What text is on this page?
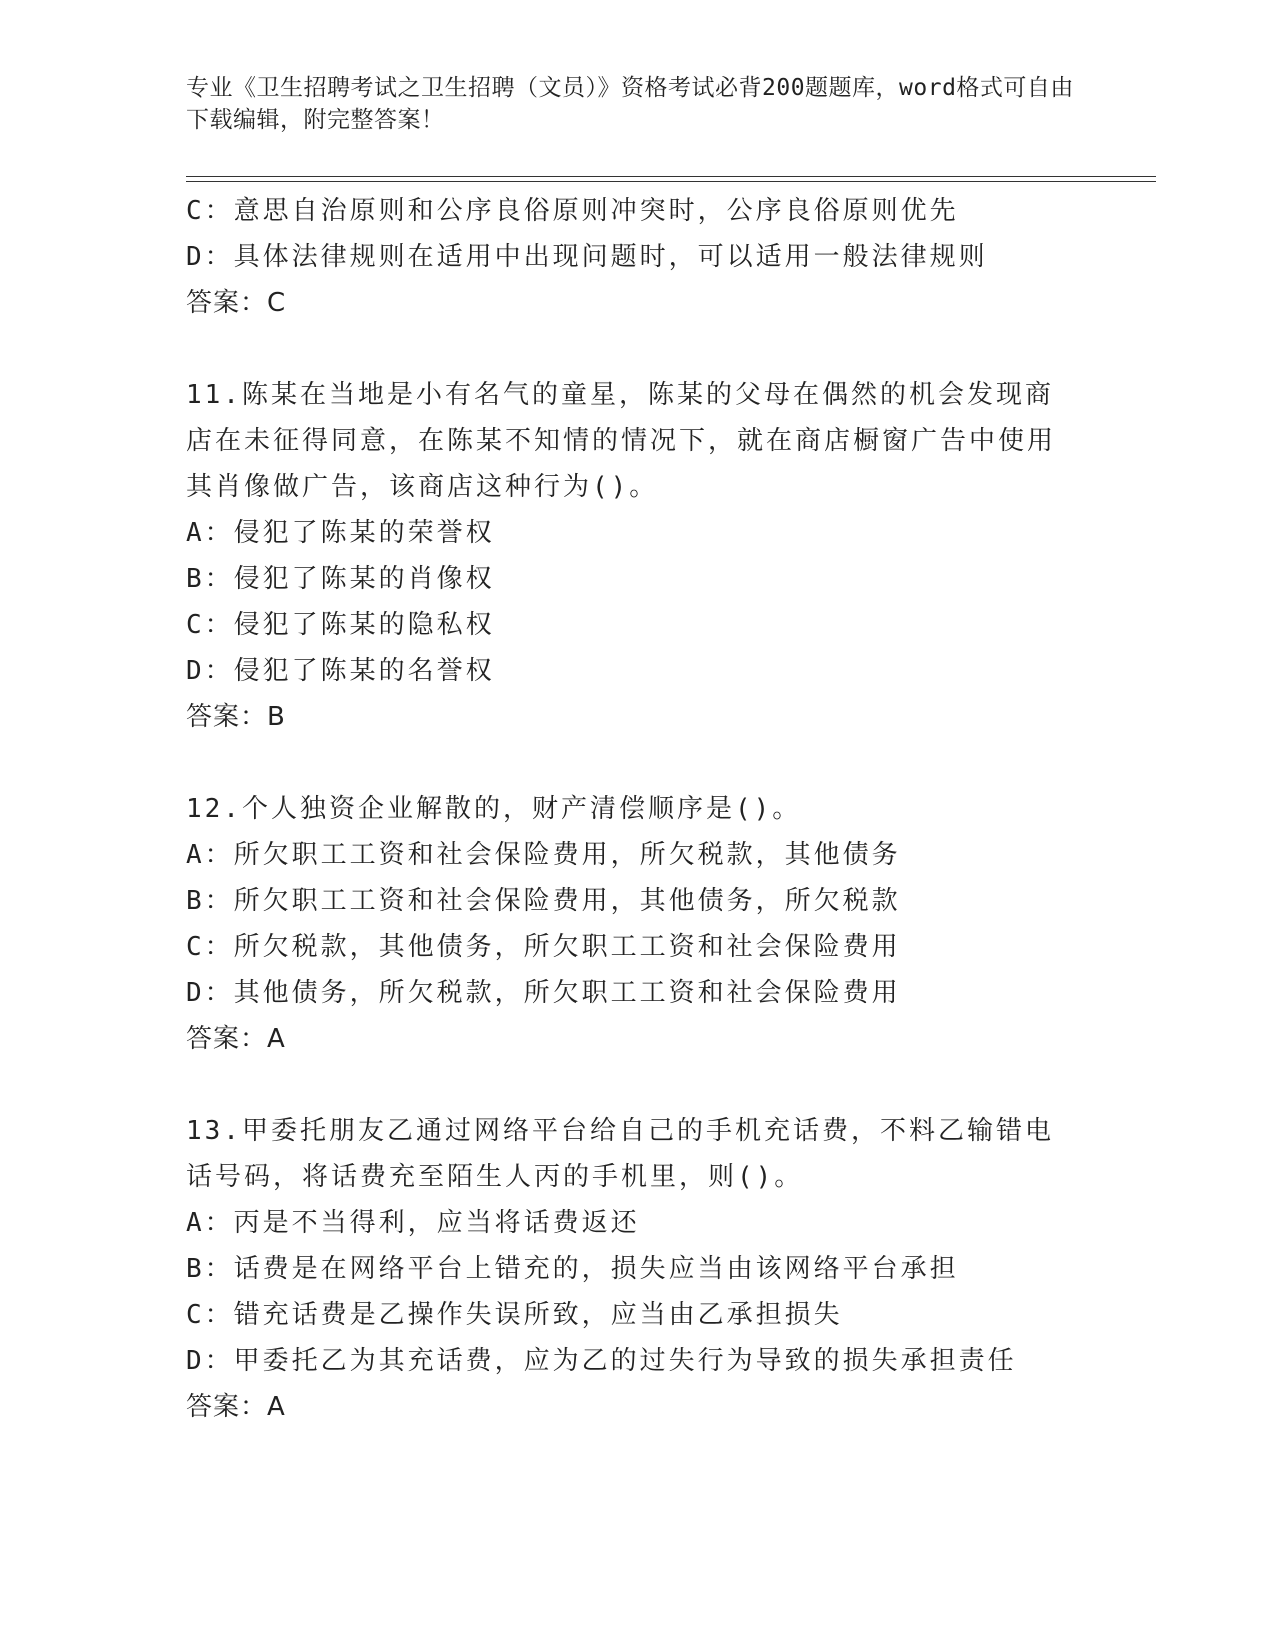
专业《卫生招聘考试之卫生招聘（文员）》资格考试必背200题题库，word格式可自由下载编辑，附完整答案！
C：意思自治原则和公序良俗原则冲突时，公序良俗原则优先
D：具体法律规则在适用中出现问题时，可以适用一般法律规则
答案：C
11.陈某在当地是小有名气的童星，陈某的父母在偶然的机会发现商店在未征得同意，在陈某不知情的情况下，就在商店橱窗广告中使用其肖像做广告，该商店这种行为()。
A：侵犯了陈某的荣誉权
B：侵犯了陈某的肖像权
C：侵犯了陈某的隐私权
D：侵犯了陈某的名誉权
答案：B
12.个人独资企业解散的，财产清偿顺序是()。
A：所欠职工工资和社会保险费用，所欠税款，其他债务
B：所欠职工工资和社会保险费用，其他债务，所欠税款
C：所欠税款，其他债务，所欠职工工资和社会保险费用
D：其他债务，所欠税款，所欠职工工资和社会保险费用
答案：A
13.甲委托朋友乙通过网络平台给自己的手机充话费，不料乙输错电话号码，将话费充至陌生人丙的手机里，则()。
A：丙是不当得利，应当将话费返还
B：话费是在网络平台上错充的，损失应当由该网络平台承担
C：错充话费是乙操作失误所致，应当由乙承担损失
D：甲委托乙为其充话费，应为乙的过失行为导致的损失承担责任
答案：A
